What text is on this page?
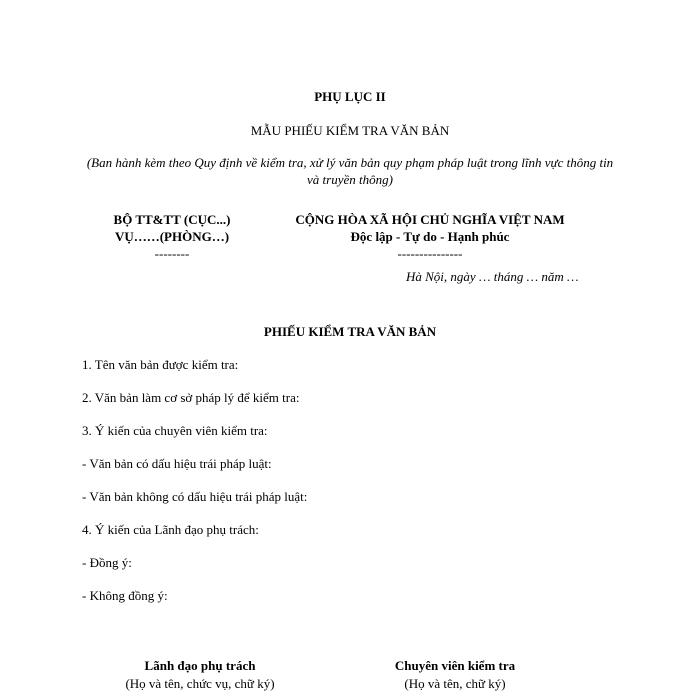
PHỤ LỤC II
MẪU PHIẾU KIỂM TRA VĂN BẢN
(Ban hành kèm theo Quy định về kiểm tra, xử lý văn bản quy phạm pháp luật trong lĩnh vực thông tin và truyền thông)
BỘ TT&TT (CỤC...)
VỤ……(PHÒNG…)
--------
CỘNG HÒA XÃ HỘI CHỦ NGHĨA VIỆT NAM
Độc lập - Tự do - Hạnh phúc
---------------
Hà Nội, ngày … tháng … năm …
PHIẾU KIỂM TRA VĂN BẢN
1. Tên văn bản được kiểm tra:
2. Văn bản làm cơ sở pháp lý để kiểm tra:
3. Ý kiến của chuyên viên kiểm tra:
- Văn bản có dấu hiệu trái pháp luật:
- Văn bản không có dấu hiệu trái pháp luật:
4. Ý kiến của Lãnh đạo phụ trách:
- Đồng ý:
- Không đồng ý:
Lãnh đạo phụ trách
(Họ và tên, chức vụ, chữ ký)
Chuyên viên kiểm tra
(Họ và tên, chữ ký)
